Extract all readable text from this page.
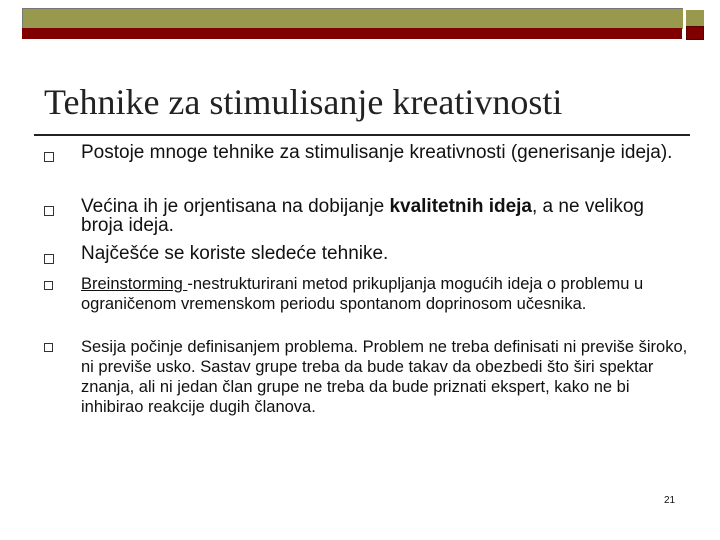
Tehnike za stimulisanje kreativnosti

Postoje mnoge tehnike za stimulisanje kreativnosti (generisanje ideja).

Većina ih je orjentisana na dobijanje kvalitetnih ideja, a ne velikog broja ideja.

Najčešće se koriste sledeće tehnike.

Breinstorming -nestrukturirani metod prikupljanja mogućih ideja o problemu u ograničenom vremenskom periodu spontanom doprinosom učesnika.

Sesija počinje definisanjem problema. Problem ne treba definisati ni previše široko, ni previše usko. Sastav grupe treba da bude takav da obezbedi što širi spektar znanja, ali ni jedan član grupe ne treba da bude priznati ekspert, kako ne bi inhibirao reakcije dugih članova.

21
